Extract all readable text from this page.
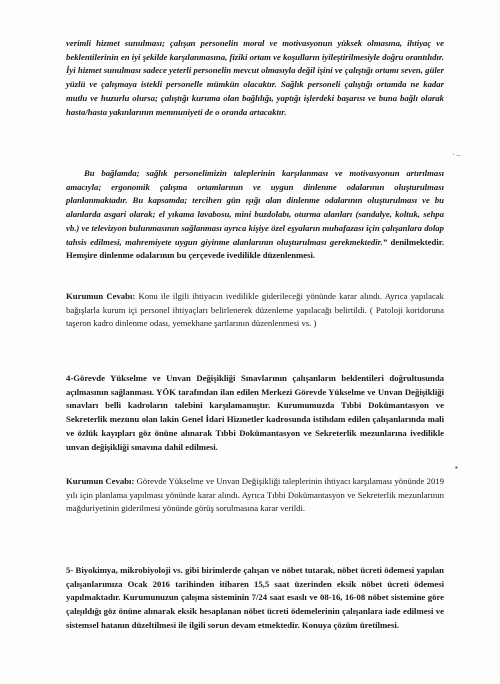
verimli hizmet sunulması; çalışan personelin moral ve motivasyonun yüksek olmasına, ihtiyaç ve beklentilerinin en iyi şekilde karşılanmasına, fiziki ortam ve koşulların iyileştirilmesiyle doğru orantılıdır. İyi hizmet sunulması sadece yeterli personelin mevcut olmasıyla değil işini ve çalıştığı ortamı seven, güler yüzlü ve çalışmaya istekli personelle mümkün olacaktır. Sağlık personeli çalıştığı ortamda ne kadar mutlu ve huzurlu olursa; çalıştığı kuruma olan bağlılığı, yaptığı işlerdeki başarısı ve buna bağlı olarak hasta/hasta yakınlarının memnuniyeti de o oranda artacaktır.

· –

Bu bağlamda; sağlık personelimizin taleplerinin karşılanması ve motivasyonun artırılması amacıyla; ergonomik çalışma ortamlarının ve uygun dinlenme odalarının oluşturulması planlanmaktadır. Bu kapsamda; tercihen gün ışığı alan dinlenme odalarının oluşturulması ve bu alanlarda asgari olarak; el yıkama lavabosu, mini buzdolabı, oturma alanları (sandalye, koltuk, sehpa vb.) ve televizyon bulunmasının sağlanması ayrıca kişiye özel eşyaların muhafazası için çalışanlara dolap tahsis edilmesi, mahremiyete uygun giyinme alanlarının oluşturulması gerekmektedir.” denilmektedir. Hemşire dinlenme odalarının bu çerçevede ivedilikle düzenlenmesi.

Kurumun Cevabı: Konu ile ilgili ihtiyacın ivedilikle giderileceği yönünde karar alındı. Ayrıca yapılacak bağışlarla kurum içi personel ihtiyaçları belirlenerek düzenleme yapılacağı belirtildi. ( Patoloji koridoruna taşeron kadro dinlenme odası, yemekhane şartlarının düzenlenmesi vs. )

4-Görevde Yükselme ve Unvan Değişikliği Sınavlarının çalışanların beklentileri doğrultusunda açılmasının sağlanması. YÖK tarafından ilan edilen Merkezi Görevde Yükselme ve Unvan Değişikliği sınavları belli kadroların talebini karşılamamıştır. Kurumumuzda Tıbbi Dokümantasyon ve Sekreterlik mezunu olan lakin Genel İdari Hizmetler kadrosunda istihdam edilen çalışanlarında mali ve özlük kayıpları göz önüne alınarak Tıbbi Dokümantasyon ve Sekreterlik mezunlarına ivedilikle unvan değişikliği sınavına dahil edilmesi.

▪

Kurumun Cevabı: Görevde Yükselme ve Unvan Değişikliği taleplerinin ihtiyacı karşılaması yönünde 2019 yılı için planlama yapılması yönünde karar alındı. Ayrıca Tıbbi Dokümantasyon ve Sekreterlik mezunlarının mağduriyetinin giderilmesi yönünde görüş sorulmasına karar verildi.

5- Biyokimya, mikrobiyoloji vs. gibi birimlerde çalışan ve nöbet tutarak, nöbet ücreti ödemesi yapılan çalışanlarımıza Ocak 2016 tarihinden itibaren 15,5 saat üzerinden eksik nöbet ücreti ödemesi yapılmaktadır. Kurumunuzun çalışma sisteminin 7/24 saat esaslı ve 08-16, 16-08 nöbet sistemine göre çalışıldığı göz önüne alınarak eksik hesaplanan nöbet ücreti ödemelerinin çalışanlara iade edilmesi ve sistemsel hatanın düzeltilmesi ile ilgili sorun devam etmektedir. Konuya çözüm üretilmesi.
